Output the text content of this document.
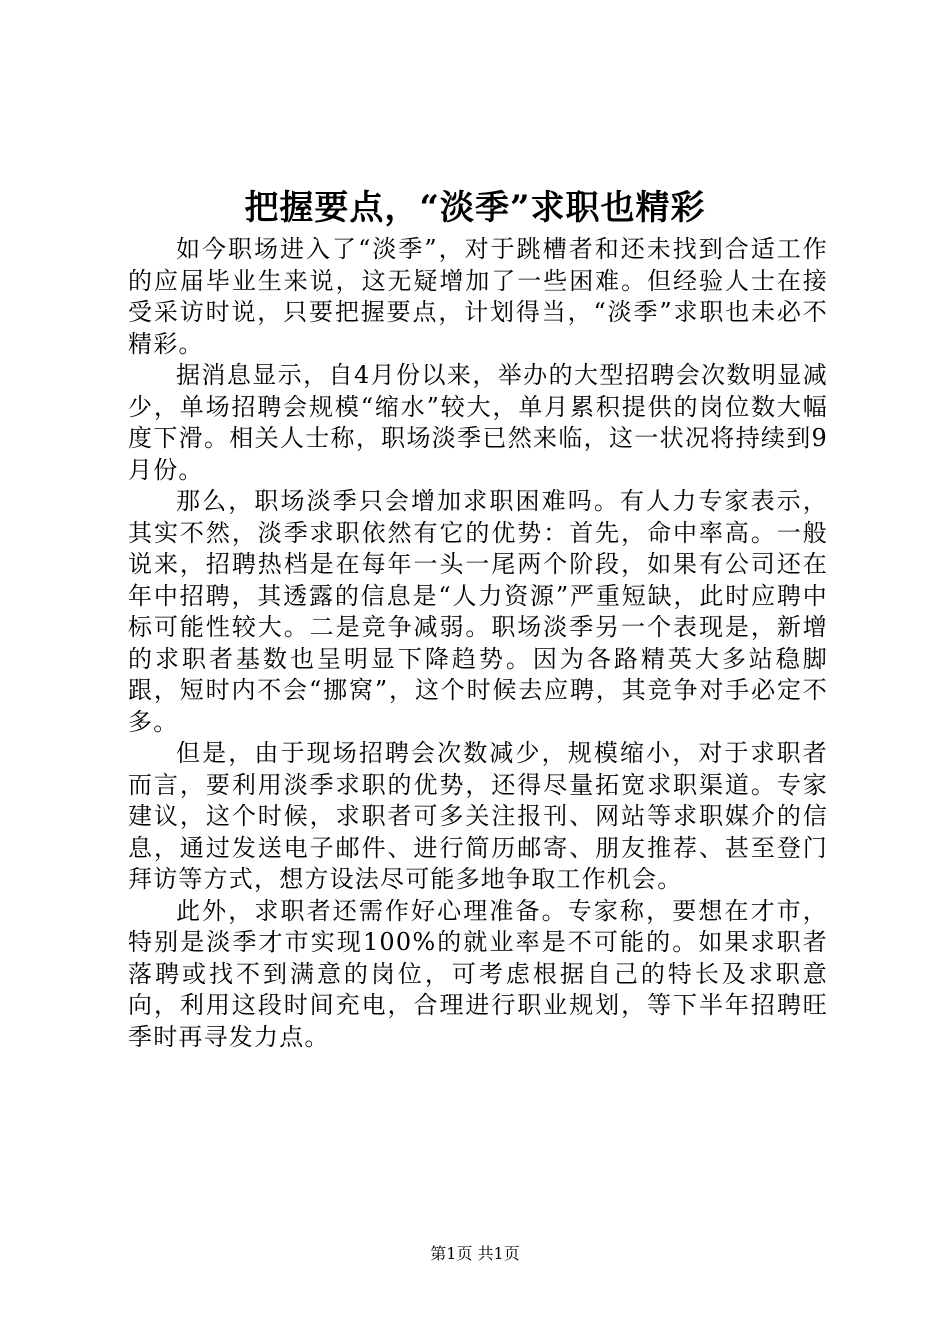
把握要点，“淡季”求职也精彩

如今职场进入了“淡季”，对于跳槽者和还未找到合适工作的应届毕业生来说，这无疑增加了一些困难。但经验人士在接受采访时说，只要把握要点，计划得当，“淡季”求职也未必不精彩。

据消息显示，自4月份以来，举办的大型招聘会次数明显减少，单场招聘会规模“缩水”较大，单月累积提供的岗位数大幅度下滑。相关人士称，职场淡季已然来临，这一状况将持续到9月份。

那么，职场淡季只会增加求职困难吗。有人力专家表示，其实不然，淡季求职依然有它的优势：首先，命中率高。一般说来，招聘热档是在每年一头一尾两个阶段，如果有公司还在年中招聘，其透露的信息是“人力资源”严重短缺，此时应聘中标可能性较大。二是竞争减弱。职场淡季另一个表现是，新增的求职者基数也呈明显下降趋势。因为各路精英大多站稳脚跟，短时内不会“挪窝”，这个时候去应聘，其竞争对手必定不多。

但是，由于现场招聘会次数减少，规模缩小，对于求职者而言，要利用淡季求职的优势，还得尽量拓宽求职渠道。专家建议，这个时候，求职者可多关注报刊、网站等求职媒介的信息，通过发送电子邮件、进行简历邮寄、朋友推荐、甚至登门拜访等方式，想方设法尽可能多地争取工作机会。

此外，求职者还需作好心理准备。专家称，要想在才市，特别是淡季才市实现100%的就业率是不可能的。如果求职者落聘或找不到满意的岗位，可考虑根据自己的特长及求职意向，利用这段时间充电，合理进行职业规划，等下半年招聘旺季时再寻发力点。

第1页 共1页
